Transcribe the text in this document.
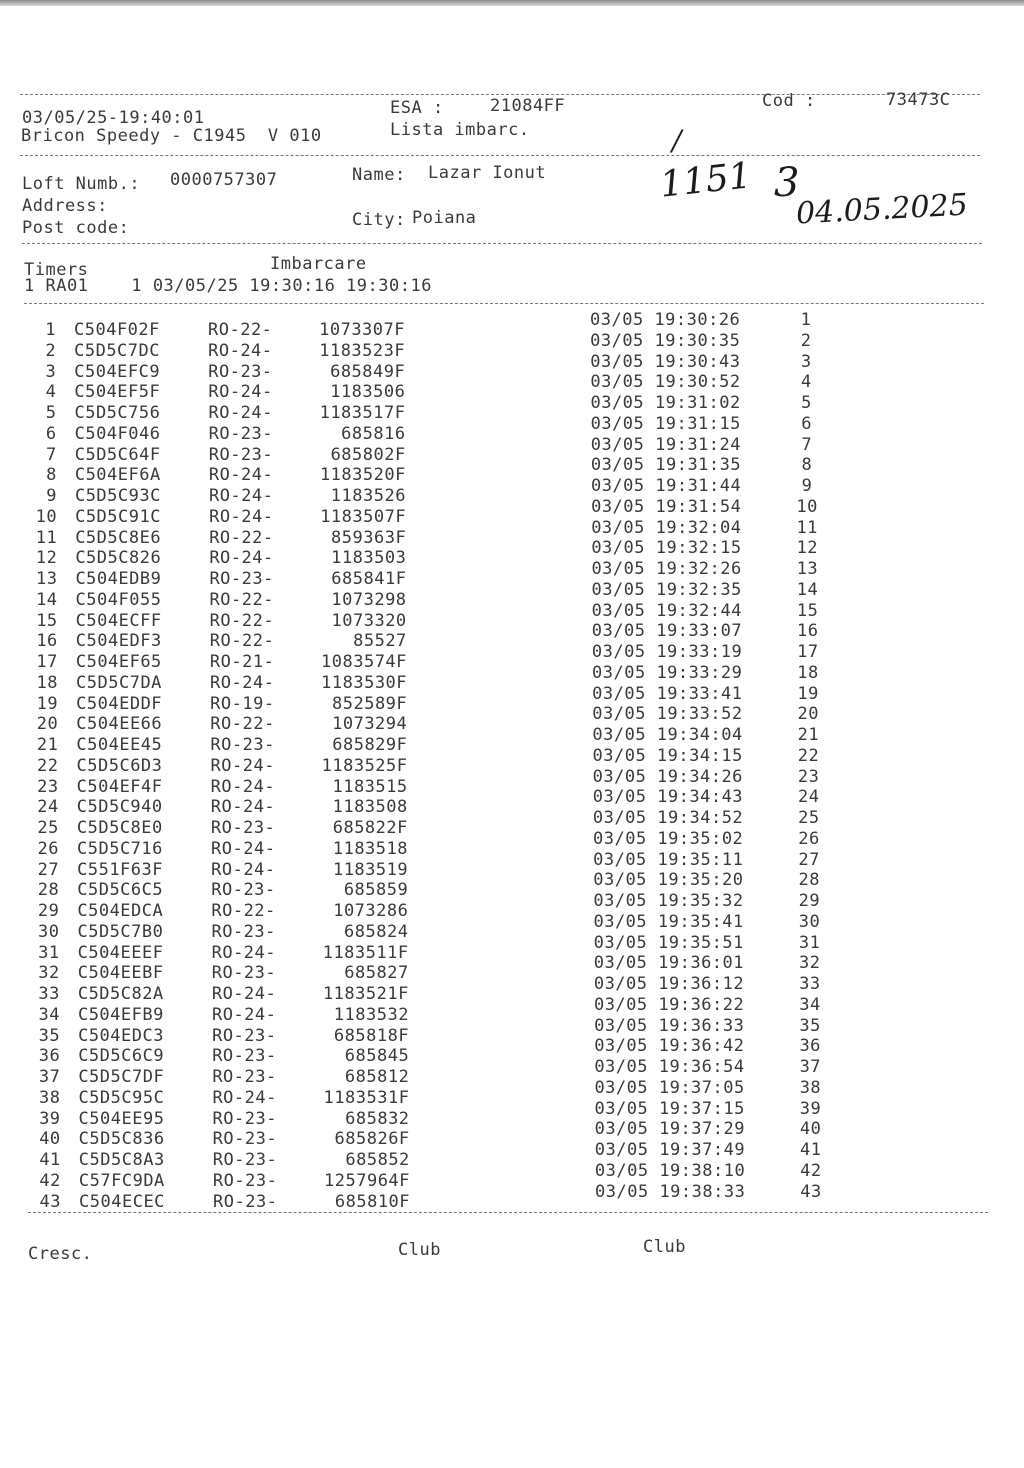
03/05/25-19:40:01	ESA :	21084FF	Cod :	73473C
Bricon Speedy - C1945  V 010	Lista imbarc.
Loft Numb.: 0000757307	Name: Lazar Ionut
Address:
Post code:	City: Poiana
/
1151 3
04.05.2025
Timers	Imbarcare
1 RA01    1 03/05/25 19:30:16 19:30:16
1 C504F02F	RO-22-	1073307F	03/05 19:30:26	1
2 C5D5C7DC	RO-24-	1183523F	03/05 19:30:35	2
3 C504EFC9	RO-23-	685849F	03/05 19:30:43	3
4 C504EF5F	RO-24-	1183506	03/05 19:30:52	4
5 C5D5C756	RO-24-	1183517F	03/05 19:31:02	5
6 C504F046	RO-23-	685816	03/05 19:31:15	6
7 C5D5C64F	RO-23-	685802F	03/05 19:31:24	7
8 C504EF6A	RO-24-	1183520F	03/05 19:31:35	8
9 C5D5C93C	RO-24-	1183526	03/05 19:31:44	9
10 C5D5C91C	RO-24-	1183507F	03/05 19:31:54	10
11 C5D5C8E6	RO-22-	859363F	03/05 19:32:04	11
12 C5D5C826	RO-24-	1183503	03/05 19:32:15	12
13 C504EDB9	RO-23-	685841F	03/05 19:32:26	13
14 C504F055	RO-22-	1073298	03/05 19:32:35	14
15 C504ECFF	RO-22-	1073320	03/05 19:32:44	15
16 C504EDF3	RO-22-	85527	03/05 19:33:07	16
17 C504EF65	RO-21-	1083574F	03/05 19:33:19	17
18 C5D5C7DA	RO-24-	1183530F	03/05 19:33:29	18
19 C504EDDF	RO-19-	852589F	03/05 19:33:41	19
20 C504EE66	RO-22-	1073294	03/05 19:33:52	20
21 C504EE45	RO-23-	685829F	03/05 19:34:04	21
22 C5D5C6D3	RO-24-	1183525F	03/05 19:34:15	22
23 C504EF4F	RO-24-	1183515	03/05 19:34:26	23
24 C5D5C940	RO-24-	1183508	03/05 19:34:43	24
25 C5D5C8E0	RO-23-	685822F	03/05 19:34:52	25
26 C5D5C716	RO-24-	1183518	03/05 19:35:02	26
27 C551F63F	RO-24-	1183519	03/05 19:35:11	27
28 C5D5C6C5	RO-23-	685859	03/05 19:35:20	28
29 C504EDCA	RO-22-	1073286	03/05 19:35:32	29
30 C5D5C7B0	RO-23-	685824	03/05 19:35:41	30
31 C504EEEF	RO-24-	1183511F	03/05 19:35:51	31
32 C504EEBF	RO-23-	685827	03/05 19:36:01	32
33 C5D5C82A	RO-24-	1183521F	03/05 19:36:12	33
34 C504EFB9	RO-24-	1183532	03/05 19:36:22	34
35 C504EDC3	RO-23-	685818F	03/05 19:36:33	35
36 C5D5C6C9	RO-23-	685845	03/05 19:36:42	36
37 C5D5C7DF	RO-23-	685812	03/05 19:36:54	37
38 C5D5C95C	RO-24-	1183531F	03/05 19:37:05	38
39 C504EE95	RO-23-	685832	03/05 19:37:15	39
40 C5D5C836	RO-23-	685826F	03/05 19:37:29	40
41 C5D5C8A3	RO-23-	685852	03/05 19:37:49	41
42 C57FC9DA	RO-23-	1257964F	03/05 19:38:10	42
43 C504ECEC	RO-23-	685810F	03/05 19:38:33	43
Cresc.	Club	Club
